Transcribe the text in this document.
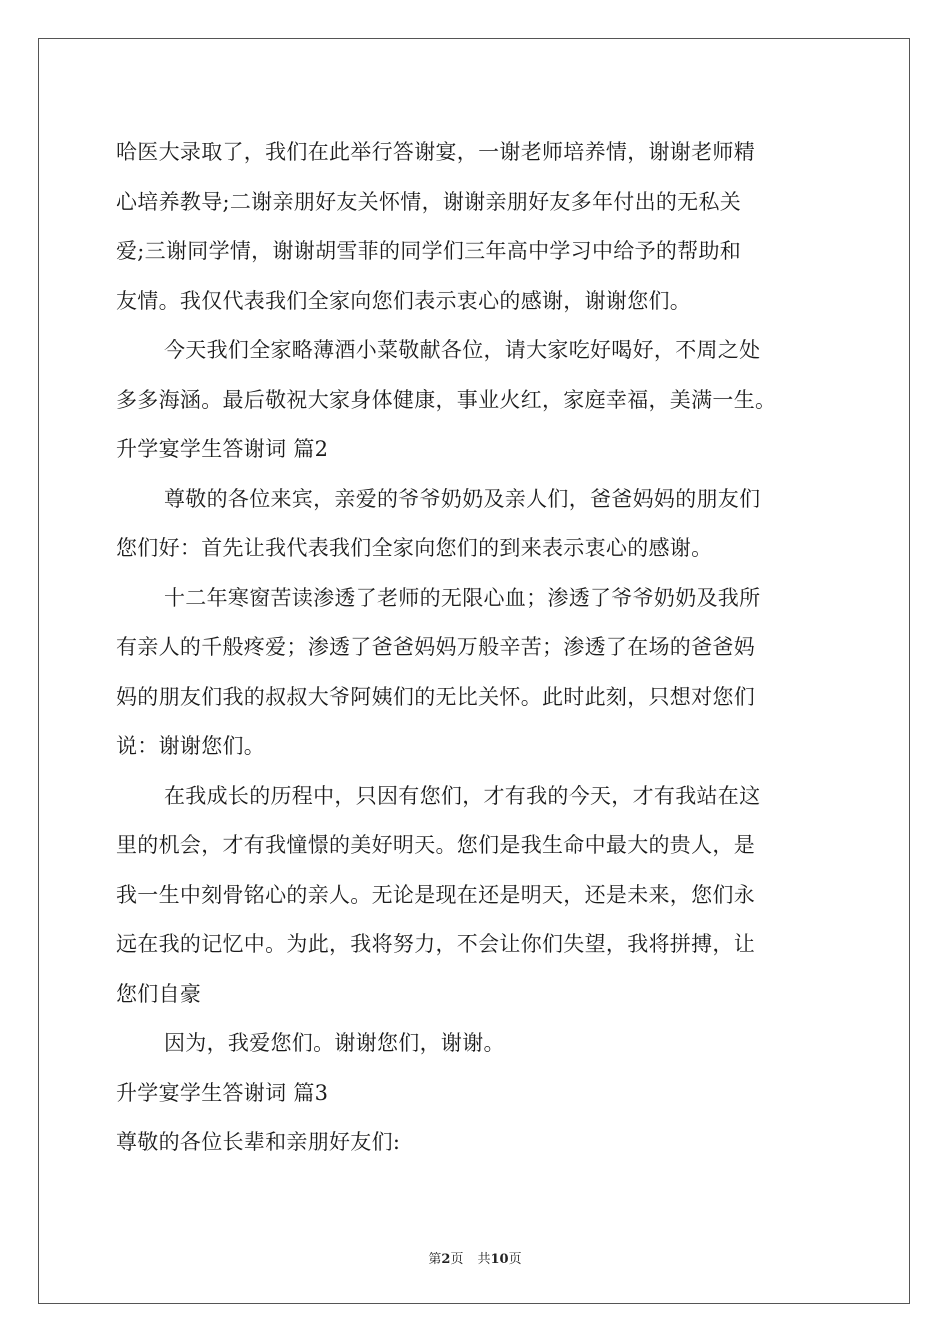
哈医大录取了，我们在此举行答谢宴，一谢老师培养情，谢谢老师精
心培养教导;二谢亲朋好友关怀情，谢谢亲朋好友多年付出的无私关
爱;三谢同学情，谢谢胡雪菲的同学们三年高中学习中给予的帮助和
友情。我仅代表我们全家向您们表示衷心的感谢，谢谢您们。
今天我们全家略薄酒小菜敬献各位，请大家吃好喝好，不周之处
多多海涵。最后敬祝大家身体健康，事业火红，家庭幸福，美满一生。
升学宴学生答谢词 篇2
尊敬的各位来宾，亲爱的爷爷奶奶及亲人们，爸爸妈妈的朋友们
您们好：首先让我代表我们全家向您们的到来表示衷心的感谢。
十二年寒窗苦读渗透了老师的无限心血；渗透了爷爷奶奶及我所
有亲人的千般疼爱；渗透了爸爸妈妈万般辛苦；渗透了在场的爸爸妈
妈的朋友们我的叔叔大爷阿姨们的无比关怀。此时此刻，只想对您们
说：谢谢您们。
在我成长的历程中，只因有您们，才有我的今天，才有我站在这
里的机会，才有我憧憬的美好明天。您们是我生命中最大的贵人，是
我一生中刻骨铭心的亲人。无论是现在还是明天，还是未来，您们永
远在我的记忆中。为此，我将努力，不会让你们失望，我将拼搏，让
您们自豪
因为，我爱您们。谢谢您们，谢谢。
升学宴学生答谢词 篇3
尊敬的各位长辈和亲朋好友们:
第2页 共10页
